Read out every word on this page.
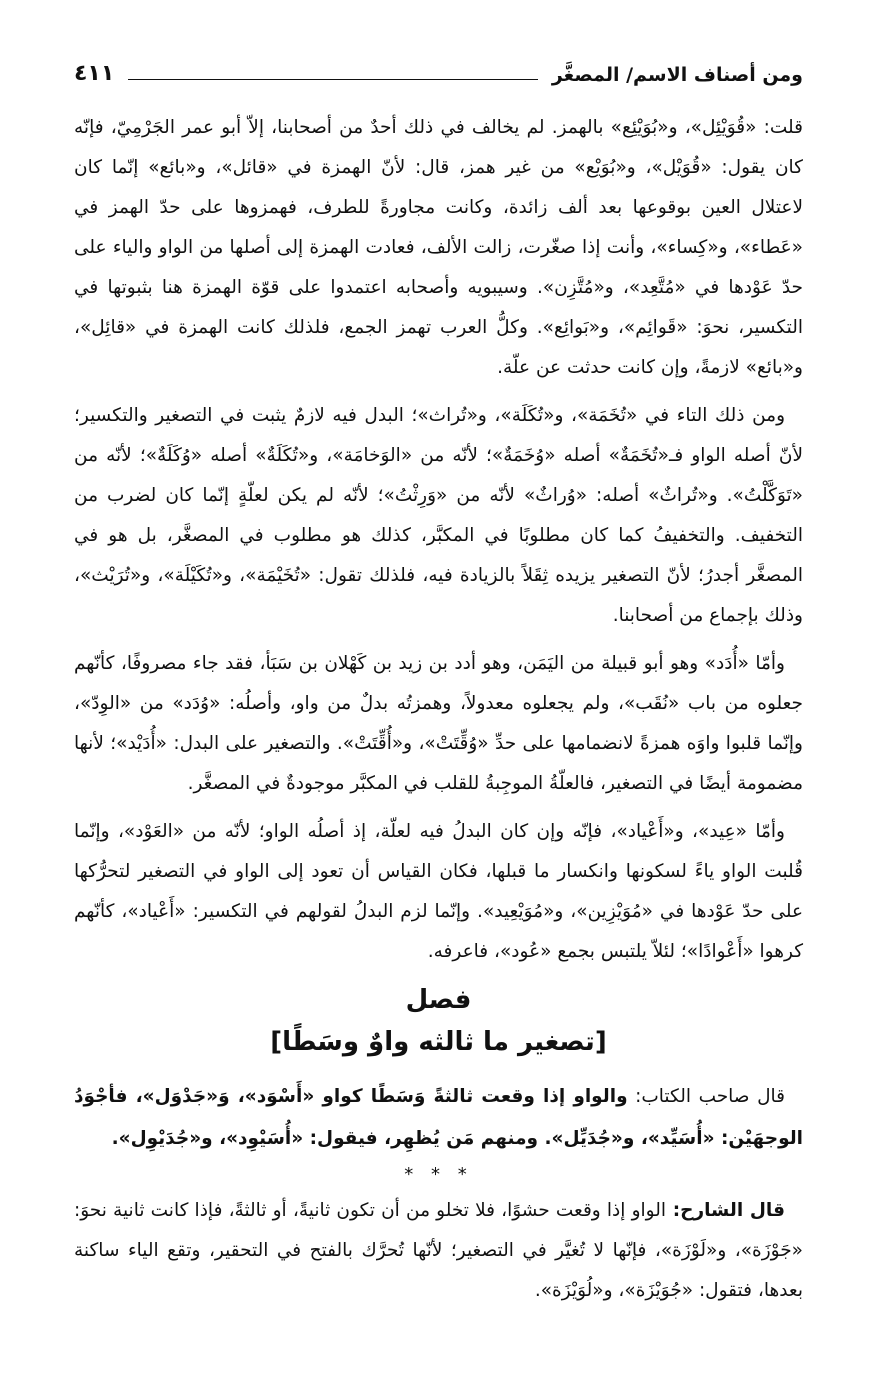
ومن أصناف الاسم/ المصغَّر
٤١١

قلت: «قُوَيْئِل»، و«بُوَيْئِع» بالهمز. لم يخالف في ذلك أحدٌ من أصحابنا، إلاّ أبو عمر الجَرْمِيّ، فإنّه كان يقول: «قُوَيْل»، و«بُوَيْع» من غير همز، قال: لأنّ الهمزة في «قائل»، و«بائع» إنّما كان لاعتلال العين بوقوعها بعد ألف زائدة، وكانت مجاورةً للطرف، فهمزوها على حدّ الهمز في «عَطاء»، و«كِساء»، وأنت إذا صغّرت، زالت الألف، فعادت الهمزة إلى أصلها من الواو والياء على حدّ عَوْدها في «مُتَّعِد»، و«مُتَّزِن». وسيبويه وأصحابه اعتمدوا على قوّة الهمزة هنا بثبوتها في التكسير، نحوَ: «قَوائِم»، و«بَوائِع». وكلُّ العرب تهمز الجمع، فلذلك كانت الهمزة في «قائِل»، و«بائع» لازمةً، وإن كانت حدثت عن علّة.

ومن ذلك التاء في «تُخَمَة»، و«تُكَلَة»، و«تُراث»؛ البدل فيه لازمٌ يثبت في التصغير والتكسير؛ لأنّ أصله الواو فـ«تُخَمَةٌ» أصله «وُخَمَةٌ»؛ لأنّه من «الوَخامَة»، و«تُكَلَةٌ» أصله «وُكَلَةٌ»؛ لأنّه من «تَوَكَّلْتُ». و«تُراثٌ» أصله: «وُراثٌ» لأنّه من «وَرِثْتُ»؛ لأنّه لم يكن لعلّةٍ إنّما كان لضرب من التخفيف. والتخفيفُ كما كان مطلوبًا في المكبَّر، كذلك هو مطلوب في المصغَّر، بل هو في المصغَّر أجدرُ؛ لأنّ التصغير يزيده ثِقَلاً بالزيادة فيه، فلذلك تقول: «تُخَيْمَة»، و«تُكَيْلَة»، و«تُرَيْث»، وذلك بإجماع من أصحابنا.

وأمّا «أُدَد» وهو أبو قبيلة من اليَمَن، وهو أدد بن زيد بن كَهْلان بن سَبَأ، فقد جاء مصروفًا، كأنّهم جعلوه من باب «نُقَب»، ولم يجعلوه معدولاً، وهمزتُه بدلٌ من واو، وأصلُه: «وُدَد» من «الوِدّ»، وإنّما قلبوا واوَه همزةً لانضمامها على حدِّ «وُقِّتَتْ»، و«أُقِّتَتْ». والتصغير على البدل: «أُدَيْد»؛ لأنها مضمومة أيضًا في التصغير، فالعلّةُ الموجِبةُ للقلب في المكبَّر موجودةٌ في المصغَّر.

وأمّا «عِيد»، و«أَعْياد»، فإنّه وإن كان البدلُ فيه لعلّة، إذ أصلُه الواو؛ لأنّه من «العَوْد»، وإنّما قُلبت الواو ياءً لسكونها وانكسار ما قبلها، فكان القياس أن تعود إلى الواو في التصغير لتحرُّكها على حدّ عَوْدها في «مُوَيْزِين»، و«مُوَيْعِيد». وإنّما لزم البدلُ لقولهم في التكسير: «أَعْياد»، كأنّهم كرهوا «أَعْوادًا»؛ لئلاّ يلتبس بجمع «عُود»، فاعرفه.

فصل
[تصغير ما ثالثه واوٌ وسَطًا]

قال صاحب الكتاب: والواو إذا وقعت ثالثةً وَسَطًا كواو «أَسْوَد»، وَ«جَدْوَل»، فأجْوَدُ الوجهَيْن: «أُسَيِّد»، و«جُدَيِّل». ومنهم مَن يُظهِر، فيقول: «أُسَيْوِد»، و«جُدَيْوِل».

* * *

قال الشارح: الواو إذا وقعت حشوًا، فلا تخلو من أن تكون ثانيةً، أو ثالثةً، فإذا كانت ثانية نحوَ: «جَوْزَة»، و«لَوْزَة»، فإنّها لا تُغيَّر في التصغير؛ لأنّها تُحرَّك بالفتح في التحقير، وتقع الياء ساكنة بعدها، فتقول: «جُوَيْزَة»، و«لُوَيْزَة».
